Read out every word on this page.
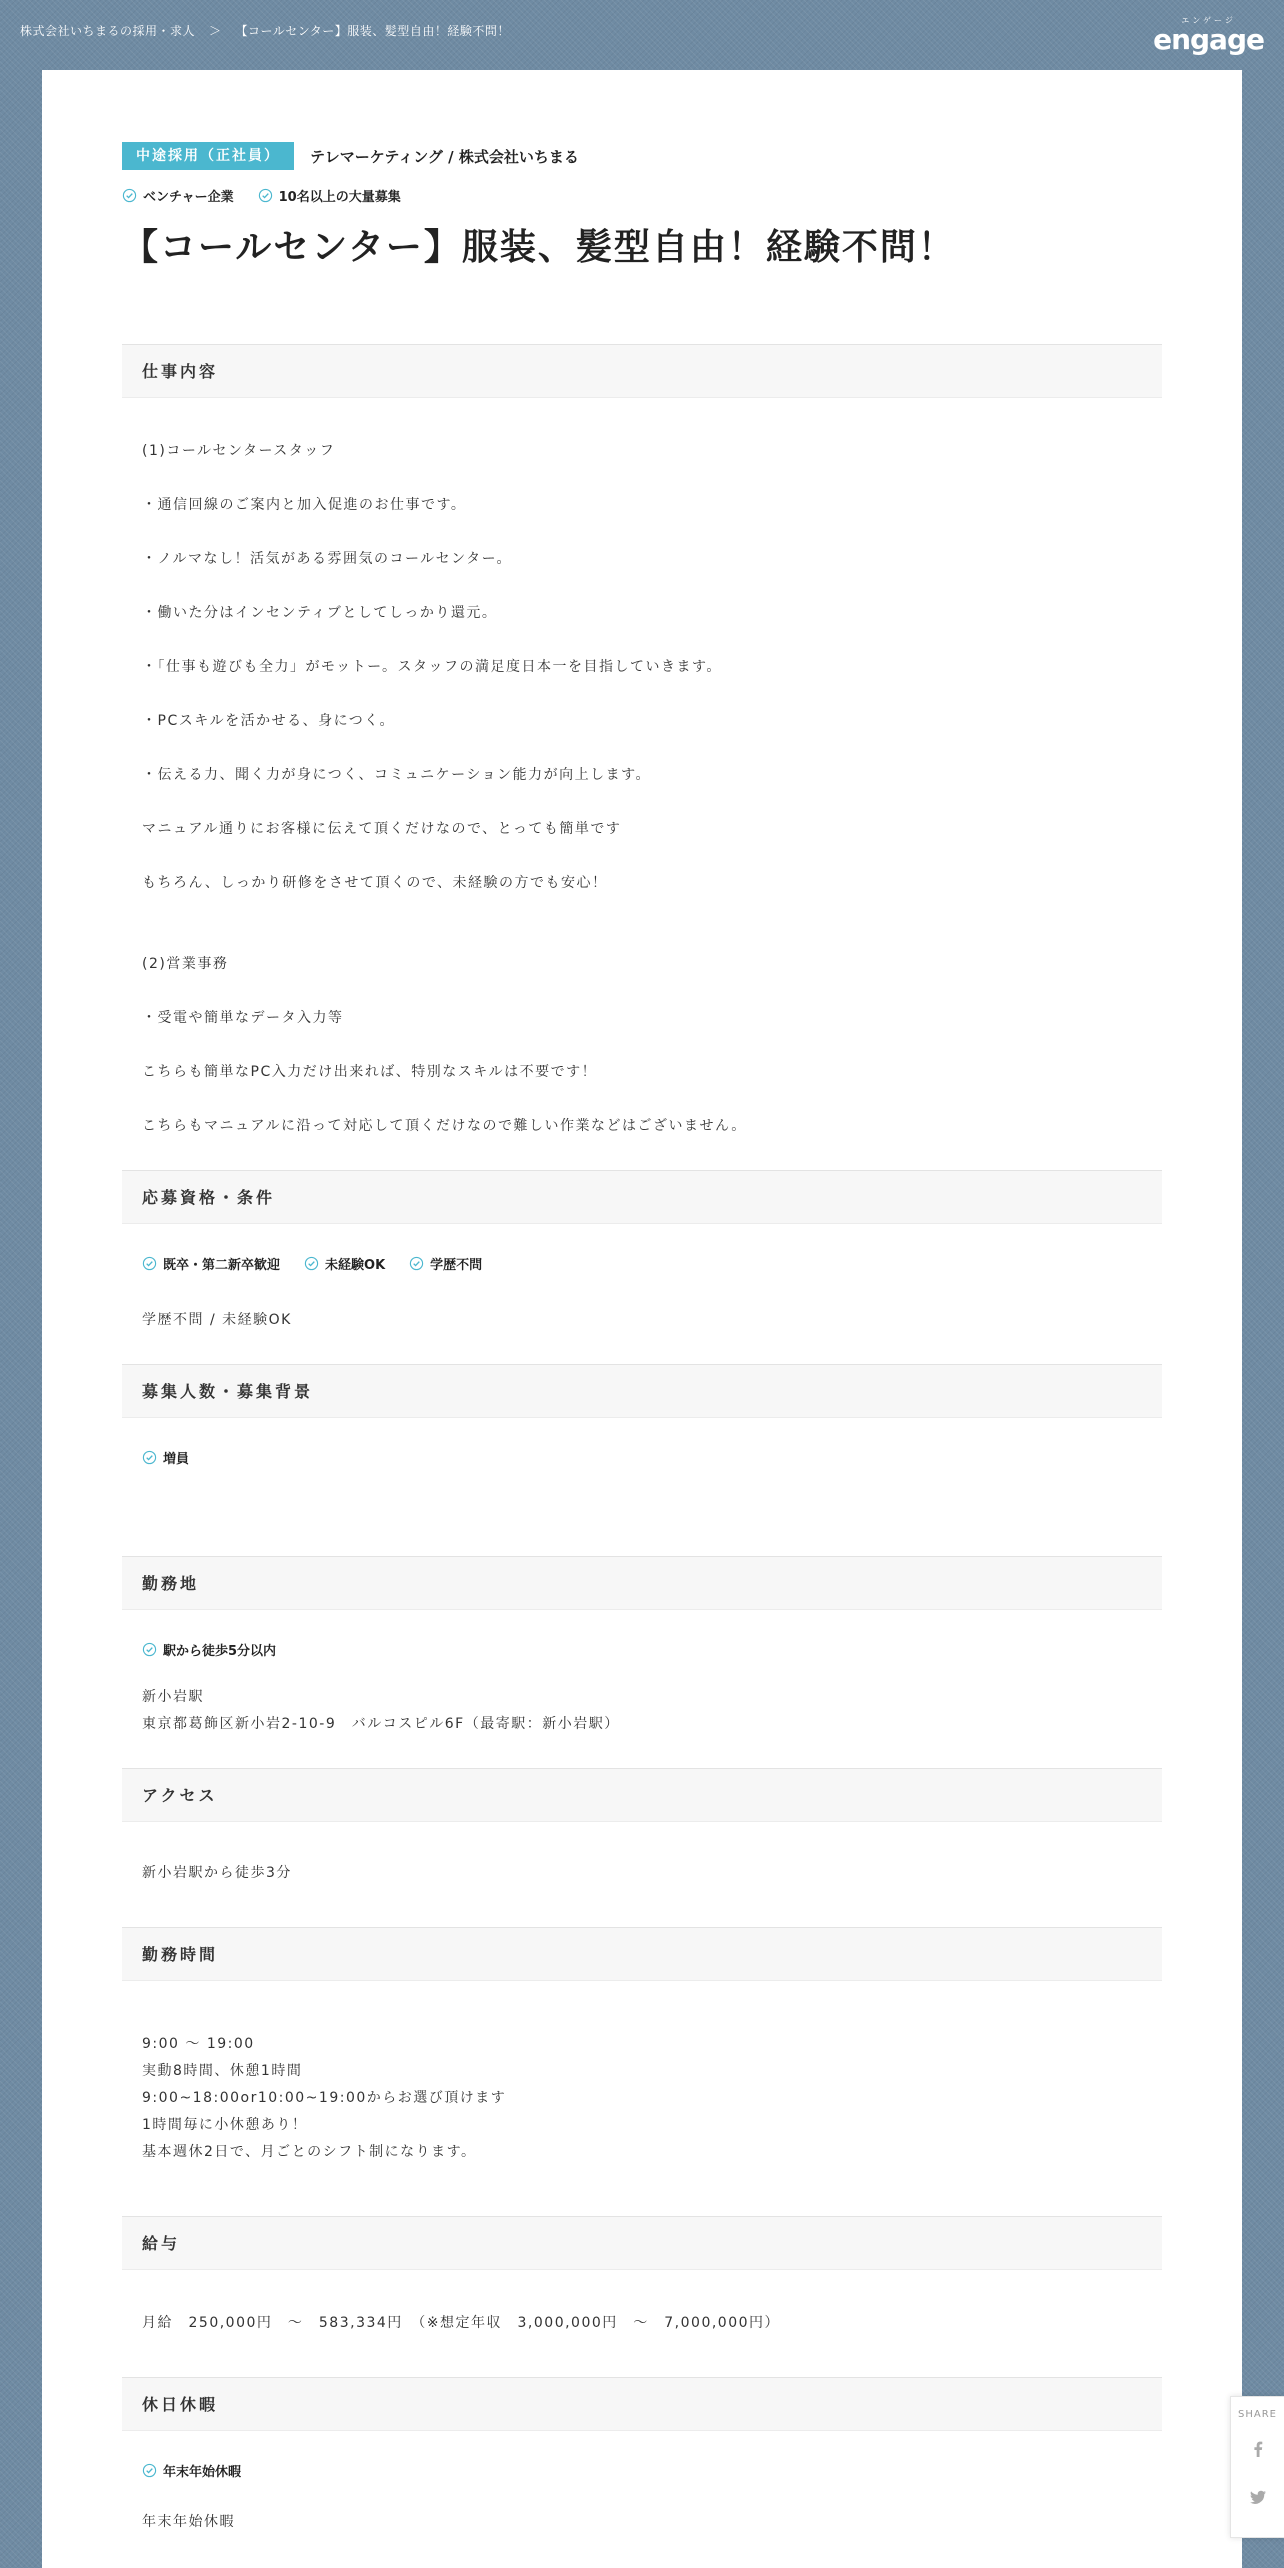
株式会社いちまるの採用・求人 ＞ 【コールセンター】服装、髪型自由！経験不問！
エンゲージ
engage
中途採用（正社員）	テレマーケティング / 株式会社いちまる
ベンチャー企業	10名以上の大量募集
【コールセンター】服装、髪型自由！経験不問！
仕事内容

(1)コールセンタースタッフ

・通信回線のご案内と加入促進のお仕事です。

・ノルマなし！活気がある雰囲気のコールセンター。

・働いた分はインセンティブとしてしっかり還元。

・「仕事も遊びも全力」がモットー。スタッフの満足度日本一を目指していきます。

・PCスキルを活かせる、身につく。

・伝える力、聞く力が身につく、コミュニケーション能力が向上します。

マニュアル通りにお客様に伝えて頂くだけなので、とっても簡単です

もちろん、しっかり研修をさせて頂くので、未経験の方でも安心！

(2)営業事務

・受電や簡単なデータ入力等

こちらも簡単なPC入力だけ出来れば、特別なスキルは不要です！

こちらもマニュアルに沿って対応して頂くだけなので難しい作業などはございません。

応募資格・条件
既卒・第二新卒歓迎	未経験OK	学歴不問

学歴不問 / 未経験OK

募集人数・募集背景
増員
勤務地
駅から徒歩5分以内

新小岩駅

東京都葛飾区新小岩2-10-9　バルコスピル6F（最寄駅：新小岩駅）

アクセス

新小岩駅から徒歩3分

勤務時間

9:00 ～ 19:00

実動8時間、休憩1時間

9:00~18:00or10:00~19:00からお選び頂けます

1時間毎に小休憩あり！

基本週休2日で、月ごとのシフト制になります。

給与

月給　250,000円　～　583,334円　（※想定年収　3,000,000円　～　7,000,000円）

休日休暇
年末年始休暇

年末年始休暇

SHARE
